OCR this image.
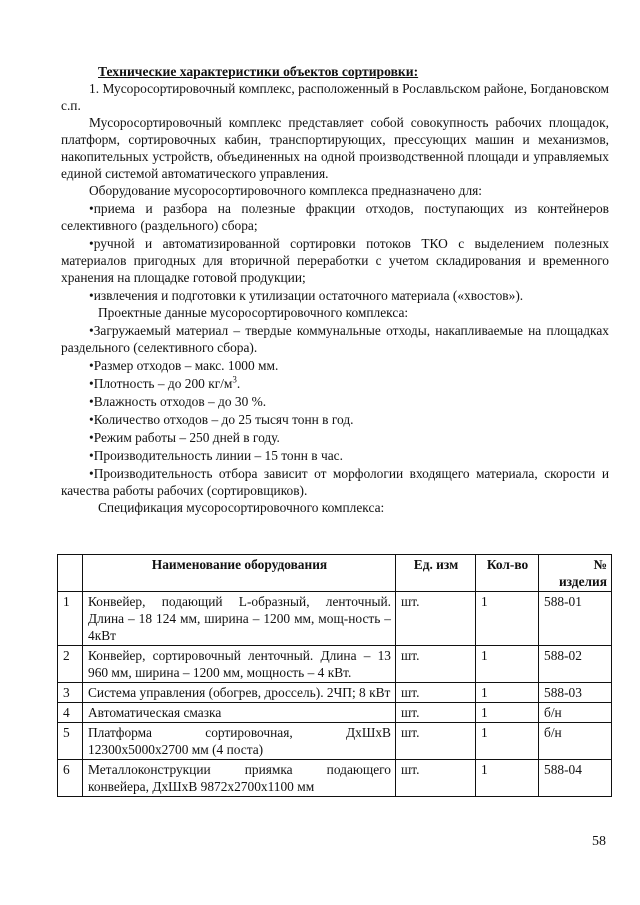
Технические характеристики объектов сортировки:

1. Мусоросортировочный комплекс, расположенный в Рославльском районе, Богдановском с.п.

Мусоросортировочный комплекс представляет собой совокупность рабочих площадок, платформ, сортировочных кабин, транспортирующих, прессующих машин и механизмов, накопительных устройств, объединенных на одной производственной площади и управляемых единой системой автоматического управления.

Оборудование мусоросортировочного комплекса предназначено для:

• приема и разбора на полезные фракции отходов, поступающих из контейнеров селективного (раздельного) сбора;

• ручной и автоматизированной сортировки потоков ТКО с выделением полезных материалов пригодных для вторичной переработки с учетом складирования и временного хранения на площадке готовой продукции;

• извлечения и подготовки к утилизации остаточного материала («хвостов»).

Проектные данные мусоросортировочного комплекса:

• Загружаемый материал – твердые коммунальные отходы, накапливаемые на площадках раздельного (селективного сбора).

• Размер отходов – макс. 1000 мм.

• Плотность – до 200 $кг/м^3$.

• Влажность отходов – до 30 %.

• Количество отходов – до 25 тысяч тонн в год.

• Режим работы – 250 дней в году.

• Производительность линии – 15 тонн в час.

• Производительность отбора зависит от морфологии входящего материала, скорости и качества работы рабочих (сортировщиков).

Спецификация мусоросортировочного комплекса:

	Наименование оборудования	Ед. изм	Кол-во	№
изделия

1	Конвейер, подающий L-образный, ленточный. Длина – 18 124 мм, ширина – 1200 мм, мощ-ность – 4кВт	шт.	1	588-01
2	Конвейер, сортировочный ленточный. Длина – 13 960 мм, ширина – 1200 мм, мощность – 4 кВт.	шт.	1	588-02
3	Система управления (обогрев, дроссель). 2ЧП; 8 кВт	шт.	1	588-03
4	Автоматическая смазка	шт.	1	б/н
5	Платформа сортировочная, ДхШхВ 12300х5000х2700 мм (4 поста)	шт.	1	б/н
6	Металлоконструкции приямка подающего конвейера, ДхШхВ 9872х2700х1100 мм	шт.	1	588-04
58
